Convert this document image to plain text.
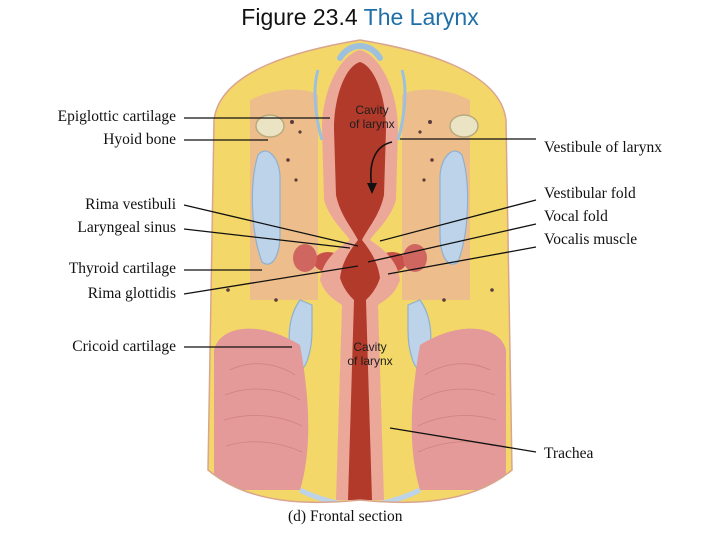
Figure 23.4 The Larynx
Epiglottic cartilage
Hyoid bone
Rima vestibuli
Laryngeal sinus
Thyroid cartilage
Rima glottidis
Cricoid cartilage
Vestibule of larynx
Vestibular fold
Vocal fold
Vocalis muscle
Trachea
Cavity
of larynx
Cavity
of larynx
(d) Frontal section
